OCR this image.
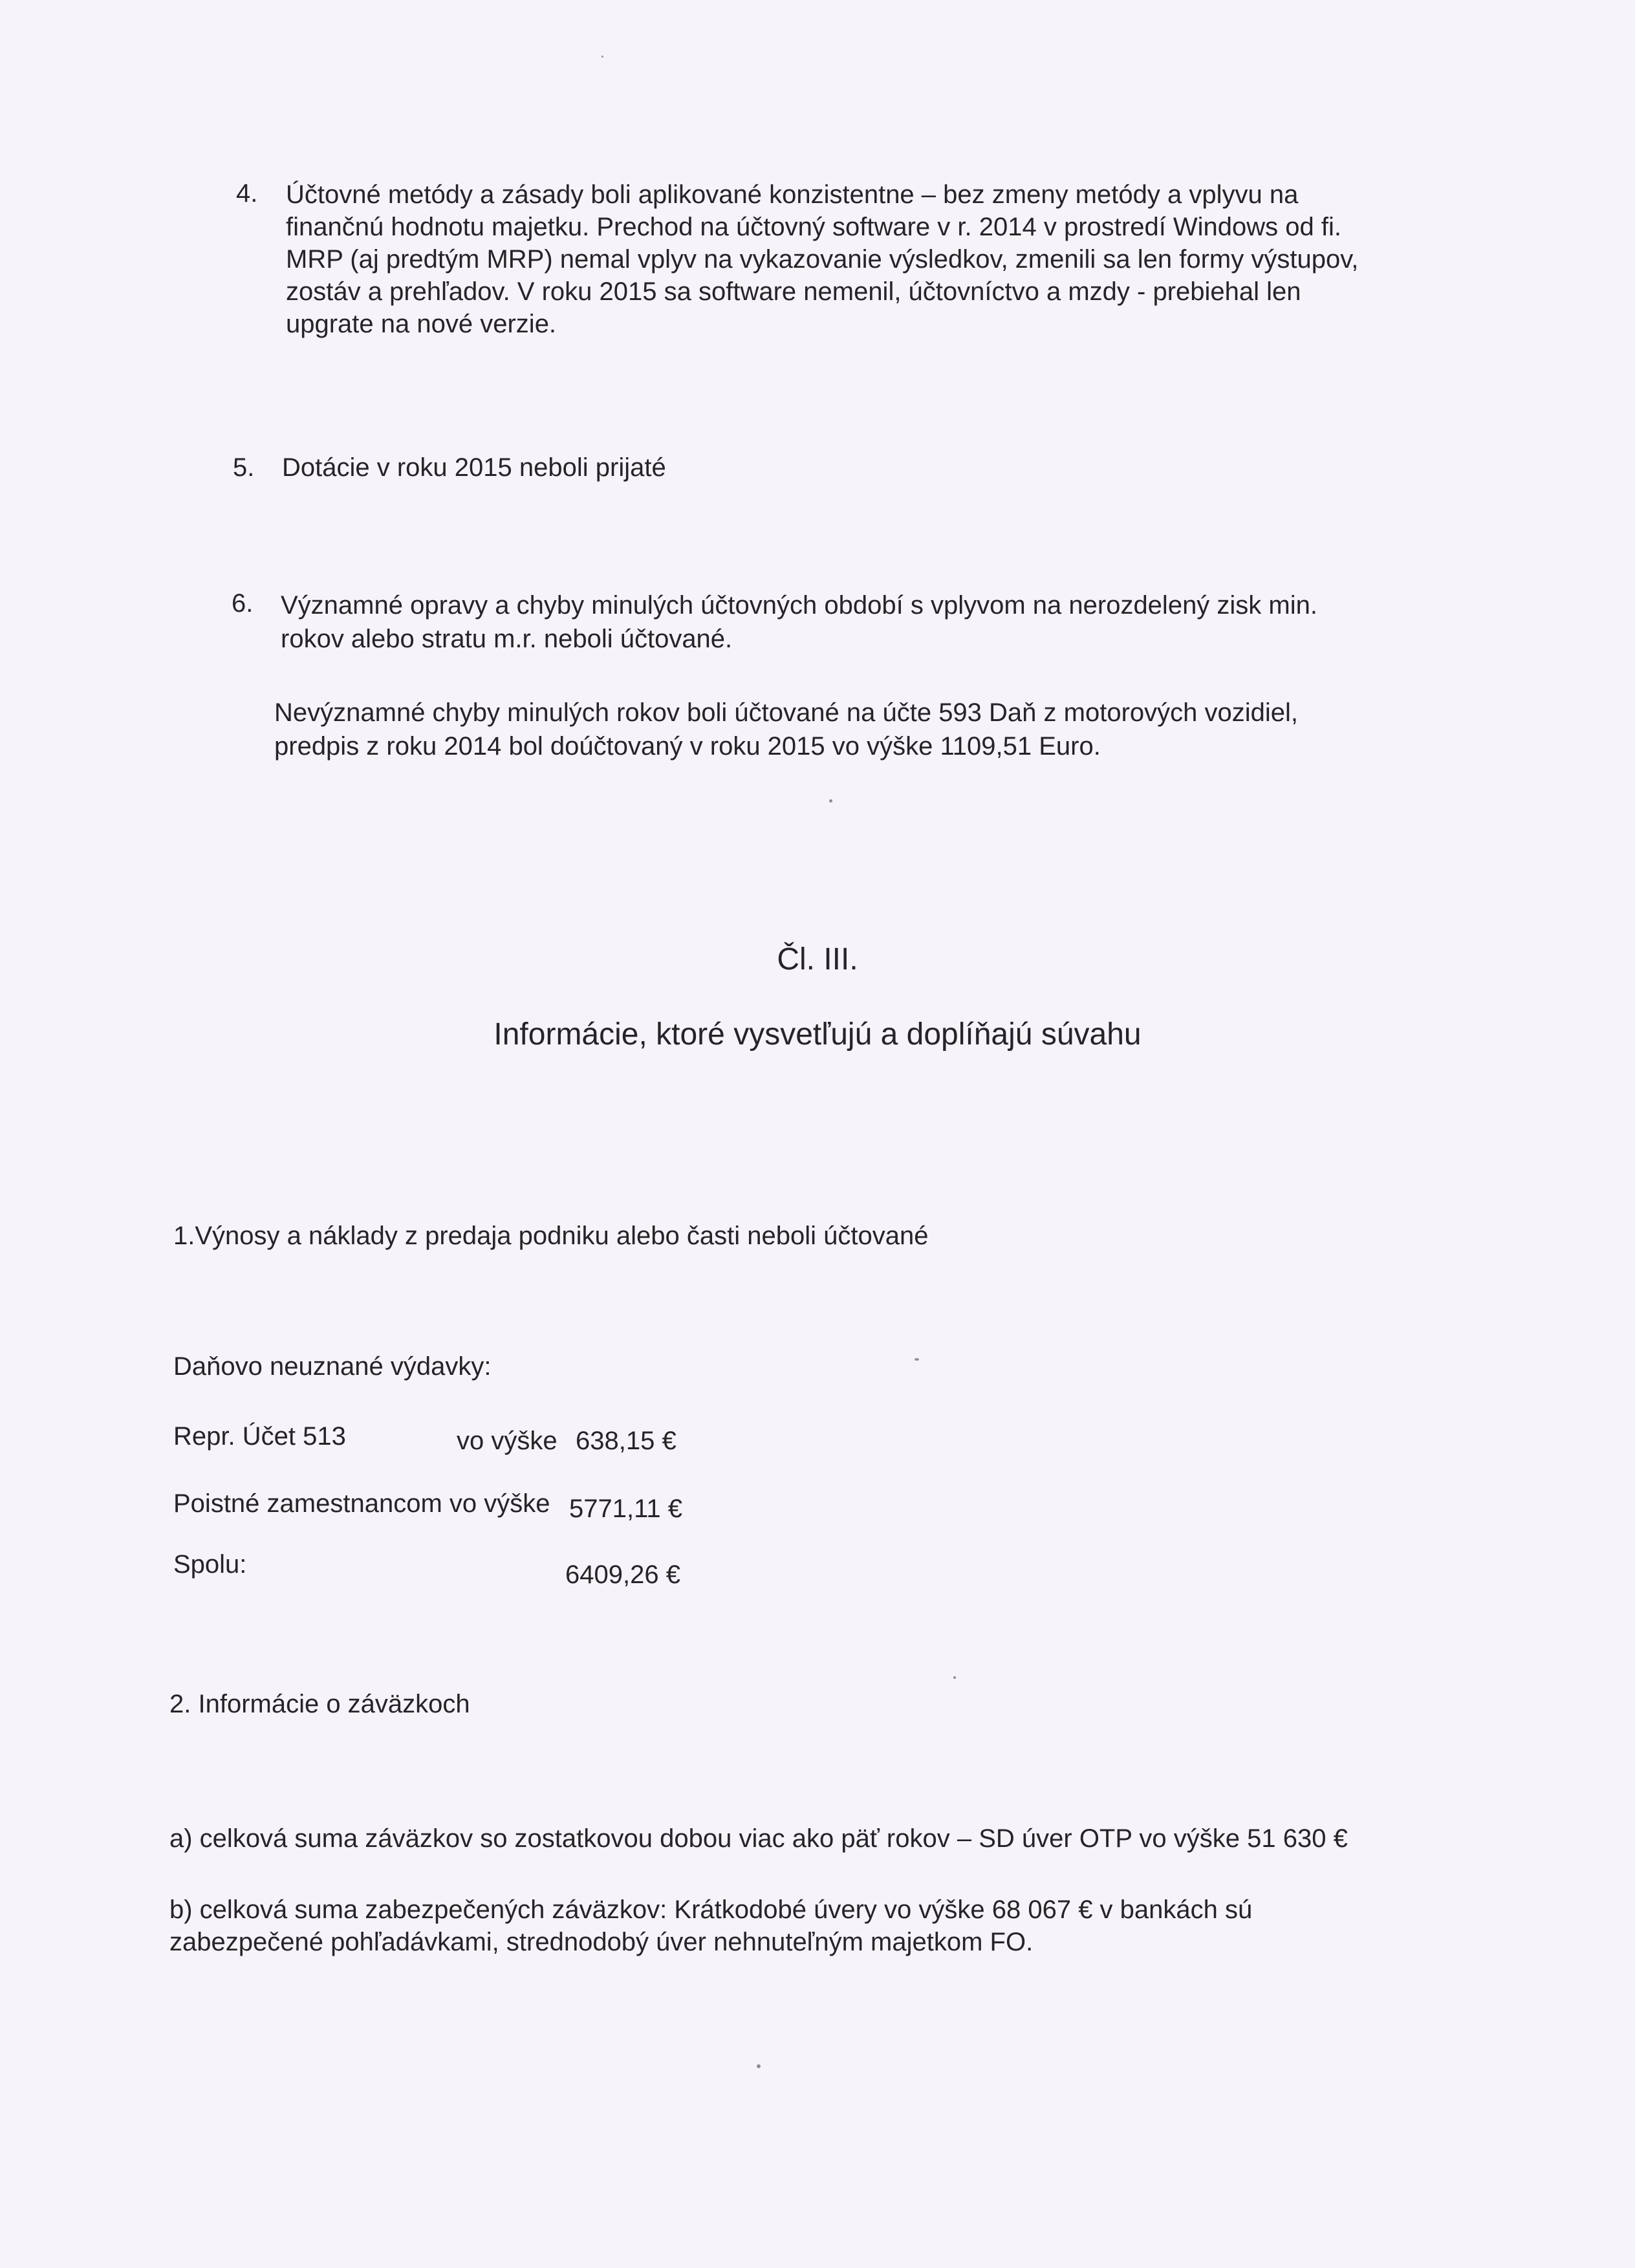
4. Účtovné metódy a zásady boli aplikované konzistentne – bez zmeny metódy a vplyvu na
finančnú hodnotu majetku. Prechod na účtovný software v r. 2014 v prostredí Windows od fi.
MRP (aj predtým MRP) nemal vplyv na vykazovanie výsledkov, zmenili sa len formy výstupov,
zostáv a prehľadov. V roku 2015 sa software nemenil, účtovníctvo a mzdy - prebiehal len
upgrate na nové verzie.

5. Dotácie v roku 2015 neboli prijaté

6. Významné opravy a chyby minulých účtovných období s vplyvom na nerozdelený zisk min.
rokov alebo stratu m.r. neboli účtované.
Nevýznamné chyby minulých rokov boli účtované na účte 593 Daň z motorových vozidiel,
predpis z roku 2014 bol doúčtovaný v roku 2015 vo výške 1109,51 Euro.

Čl. III.

Informácie, ktoré vysvetľujú a doplíňajú súvahu

1.Výnosy a náklady z predaja podniku alebo časti neboli účtované

Daňovo neuznané výdavky:

Repr. Účet 513	vo výške 638,15 €

Poistné zamestnancom vo výške 5771,11 €

Spolu:	6409,26 €

2. Informácie o záväzkoch

a) celková suma záväzkov so zostatkovou dobou viac ako päť rokov – SD úver OTP vo výške 51 630 €

b) celková suma zabezpečených záväzkov: Krátkodobé úvery vo výške 68 067 € v bankách sú
zabezpečené pohľadávkami, strednodobý úver nehnuteľným majetkom FO.
